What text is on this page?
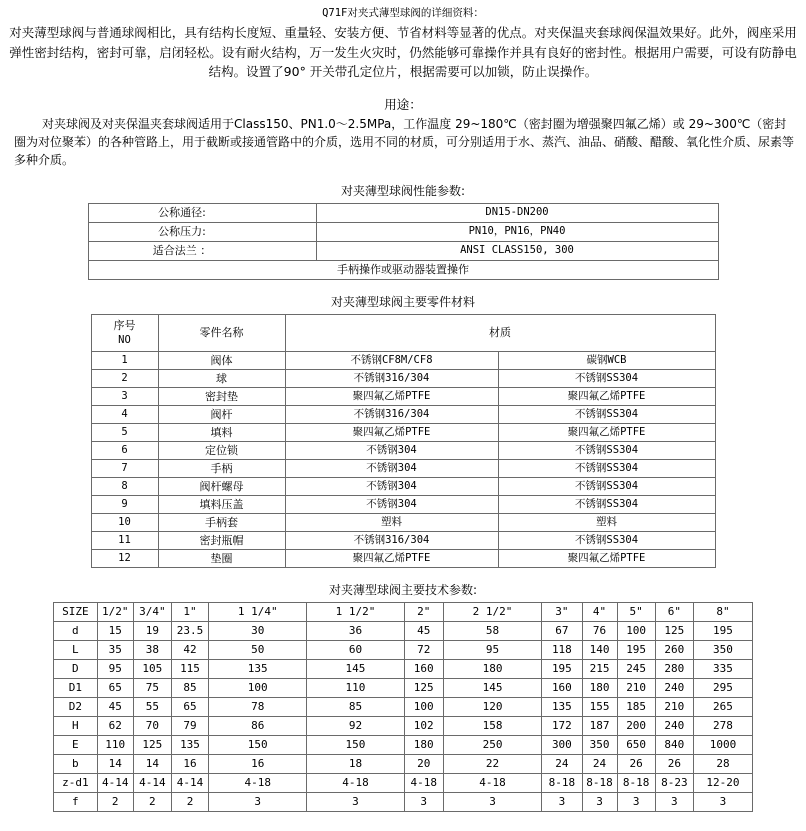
Q71F对夹式薄型球阀的详细资料：
对夹薄型球阀与普通球阀相比，具有结构长度短、重量轻、安装方便、节省材料等显著的优点。对夹保温夹套球阀保温效果好。此外，阀座采用弹性密封结构，密封可靠，启闭轻松。设有耐火结构，万一发生火灾时，仍然能够可靠操作并具有良好的密封性。根据用户需要，可设有防静电结构。设置了90° 开关带孔定位片，根据需要可以加锁，防止误操作。
用途：
对夹球阀及对夹保温夹套球阀适用于Class150、PN1.0～2.5MPa，工作温度 29~180℃（密封圈为增强聚四氟乙烯）或 29~300℃（密封圈为对位聚苯）的各种管路上，用于截断或接通管路中的介质，选用不同的材质，可分别适用于水、蒸汽、油品、硝酸、醋酸、氧化性介质、尿素等多种介质。
对夹薄型球阀性能参数:
公称通径:	DN15-DN200
公称压力:	PN10，PN16，PN40
适合法兰 ：	ANSI CLASS150, 300
手柄操作或驱动器装置操作	
对夹薄型球阀主要零件材料
序号
NO	零件名称	材质	
1	阀体	不锈钢CF8M/CF8	碳钢WCB
2	球	不锈钢316/304	不锈钢SS304
3	密封垫	聚四氟乙烯PTFE	聚四氟乙烯PTFE
4	阀杆	不锈钢316/304	不锈钢SS304
5	填料	聚四氟乙烯PTFE	聚四氟乙烯PTFE
6	定位锁	不锈钢304	不锈钢SS304
7	手柄	不锈钢304	不锈钢SS304
8	阀杆螺母	不锈钢304	不锈钢SS304
9	填料压盖	不锈钢304	不锈钢SS304
10	手柄套	塑料	塑料
11	密封瓶帽	不锈钢316/304	不锈钢SS304
12	垫圈	聚四氟乙烯PTFE	聚四氟乙烯PTFE
对夹薄型球阀主要技术参数:
SIZE	1/2"	3/4"	1"	1 1/4"	1 1/2"	2"	2 1/2"	3"	4"	5"	6"	8"
d	15	19	23.5	30	36	45	58	67	76	100	125	195
L	35	38	42	50	60	72	95	118	140	195	260	350
D	95	105	115	135	145	160	180	195	215	245	280	335
D1	65	75	85	100	110	125	145	160	180	210	240	295
D2	45	55	65	78	85	100	120	135	155	185	210	265
H	62	70	79	86	92	102	158	172	187	200	240	278
E	110	125	135	150	150	180	250	300	350	650	840	1000
b	14	14	16	16	18	20	22	24	24	26	26	28
z-d1	4-14	4-14	4-14	4-18	4-18	4-18	4-18	8-18	8-18	8-18	8-23	12-20
f	2	2	2	3	3	3	3	3	3	3	3	3
